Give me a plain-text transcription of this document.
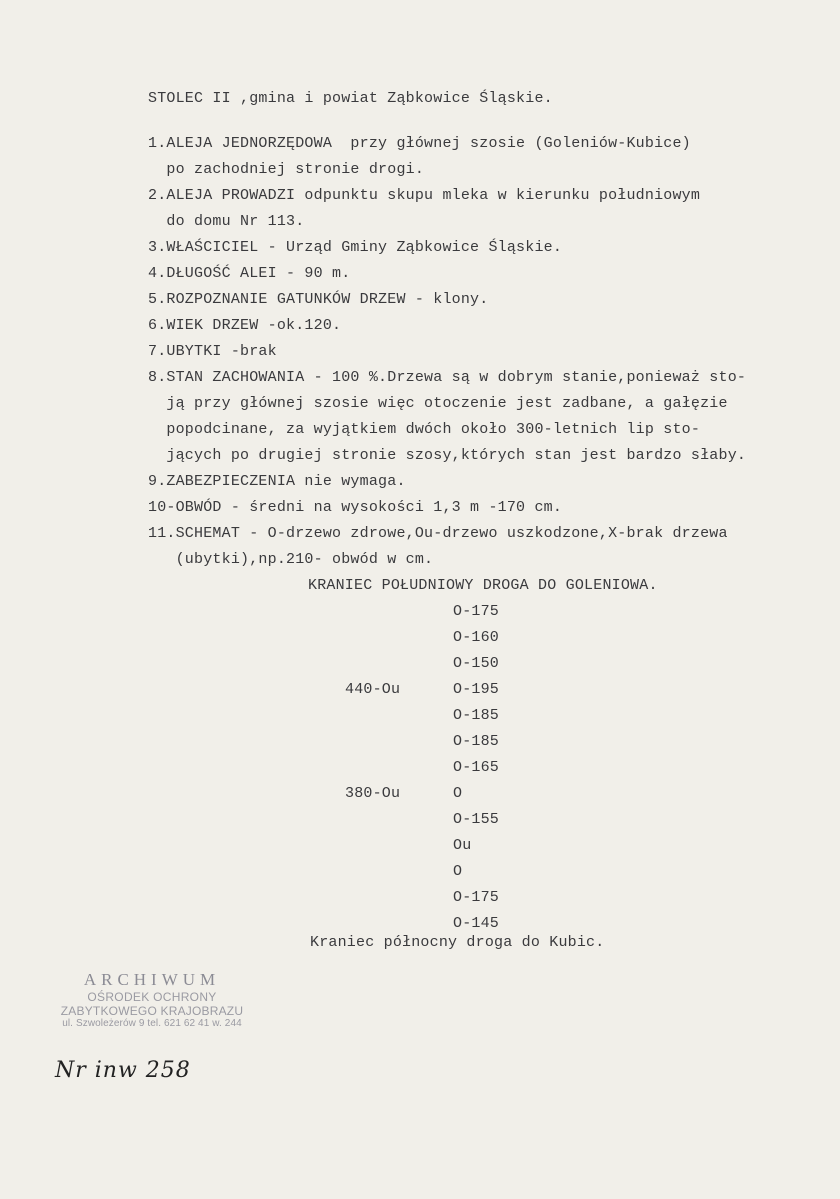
STOLEC II ,gmina i powiat Ząbkowice Śląskie.
1.ALEJA JEDNORZĘDOWA  przy głównej szosie (Goleniów-Kubice)
po zachodniej stronie drogi.
2.ALEJA PROWADZI odpunktu skupu mleka w kierunku południowym
do domu Nr 113.
3.WŁAŚCICIEL - Urząd Gminy Ząbkowice Śląskie.
4.DŁUGOŚĆ ALEI - 90 m.
5.ROZPOZNANIE GATUNKÓW DRZEW - klony.
6.WIEK DRZEW -ok.120.
7.UBYTKI -brak
8.STAN ZACHOWANIA - 100 %.Drzewa są w dobrym stanie,ponieważ sto-
ją przy głównej szosie więc otoczenie jest zadbane, a gałęzie
popodcinane, za wyjątkiem dwóch około 300-letnich lip sto-
jących po drugiej stronie szosy,których stan jest bardzo słaby.
9.ZABEZPIECZENIA nie wymaga.
10-OBWÓD - średni na wysokości 1,3 m -170 cm.
11.SCHEMAT - O-drzewo zdrowe,Ou-drzewo uszkodzone,X-brak drzewa
(ubytki),np.210- obwód w cm.
KRANIEC POŁUDNIOWY DROGA DO GOLENIOWA.
O-175
O-160
O-150
440-Ou	O-195
O-185
O-185
O-165
380-Ou	O
O-155
Ou
O
O-175
O-145
Kraniec północny droga do Kubic.
ARCHIWUM
OŚRODEK OCHRONY
ZABYTKOWEGO KRAJOBRAZU
ul. Szwoleżerów 9 tel. 621 62 41 w. 244
Nr inw 258
